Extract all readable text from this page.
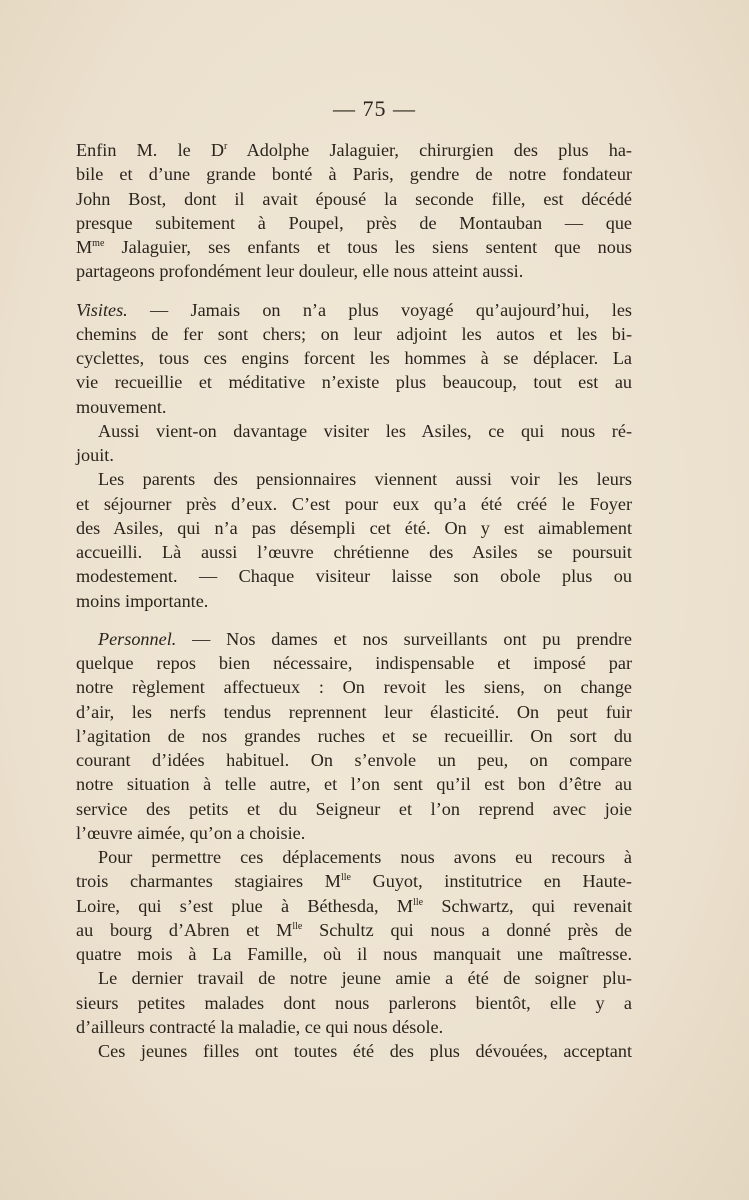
— 75 —
Enfin M. le $D^r$ Adolphe Jalaguier, chirurgien des plus ha-
bile et d’une grande bonté à Paris, gendre de notre fondateur
John Bost, dont il avait épousé la seconde fille, est décédé
presque subitement à Poupel, près de Montauban — que
$M^{me}$ Jalaguier, ses enfants et tous les siens sentent que nous
partageons profondément leur douleur, elle nous atteint aussi.
Visites. — Jamais on n’a plus voyagé qu’aujourd’hui, les
chemins de fer sont chers; on leur adjoint les autos et les bi-
cyclettes, tous ces engins forcent les hommes à se déplacer. La
vie recueillie et méditative n’existe plus beaucoup, tout est au
mouvement.
Aussi vient-on davantage visiter les Asiles, ce qui nous ré-
jouit.
Les parents des pensionnaires viennent aussi voir les leurs
et séjourner près d’eux. C’est pour eux qu’a été créé le Foyer
des Asiles, qui n’a pas désempli cet été. On y est aimablement
accueilli. Là aussi l’œuvre chrétienne des Asiles se poursuit
modestement. — Chaque visiteur laisse son obole plus ou
moins importante.
Personnel. — Nos dames et nos surveillants ont pu prendre
quelque repos bien nécessaire, indispensable et imposé par
notre règlement affectueux : On revoit les siens, on change
d’air, les nerfs tendus reprennent leur élasticité. On peut fuir
l’agitation de nos grandes ruches et se recueillir. On sort du
courant d’idées habituel. On s’envole un peu, on compare
notre situation à telle autre, et l’on sent qu’il est bon d’être au
service des petits et du Seigneur et l’on reprend avec joie
l’œuvre aimée, qu’on a choisie.
Pour permettre ces déplacements nous avons eu recours à
trois charmantes stagiaires $M^{lle}$ Guyot, institutrice en Haute-
Loire, qui s’est plue à Béthesda, $M^{lle}$ Schwartz, qui revenait
au bourg d’Abren et $M^{lle}$ Schultz qui nous a donné près de
quatre mois à La Famille, où il nous manquait une maîtresse.
Le dernier travail de notre jeune amie a été de soigner plu-
sieurs petites malades dont nous parlerons bientôt, elle y a
d’ailleurs contracté la maladie, ce qui nous désole.
Ces jeunes filles ont toutes été des plus dévouées, acceptant
